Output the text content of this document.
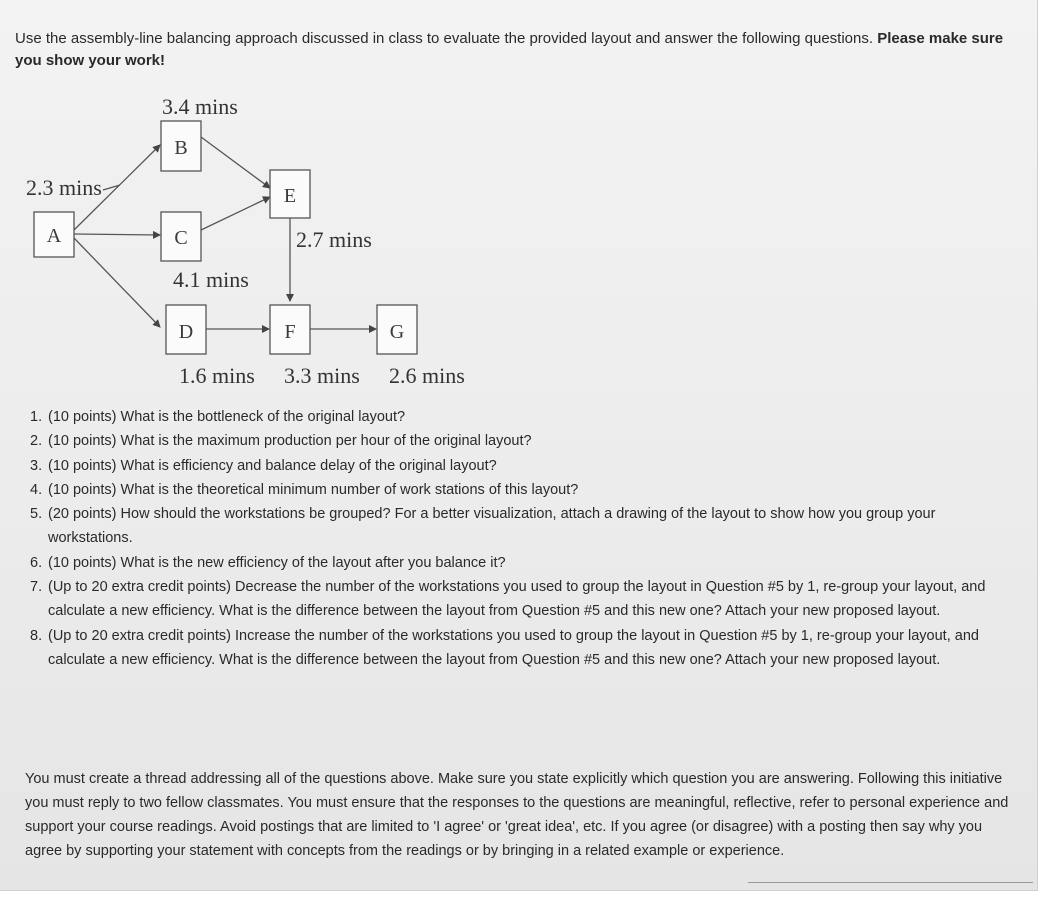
Use the assembly-line balancing approach discussed in class to evaluate the provided layout and answer the following questions. Please make sure you show your work!
A
B
C
D
E
F	G
3.4 mins
2.3 mins
2.7 mins
4.1 mins
1.6 mins 3.3 mins 2.6 mins
1. (10 points) What is the bottleneck of the original layout?
2. (10 points) What is the maximum production per hour of the original layout?
3. (10 points) What is efficiency and balance delay of the original layout?
4. (10 points) What is the theoretical minimum number of work stations of this layout?
5. (20 points) How should the workstations be grouped? For a better visualization, attach a drawing of the layout to show how you group your workstations.
6. (10 points) What is the new efficiency of the layout after you balance it?
7. (Up to 20 extra credit points) Decrease the number of the workstations you used to group the layout in Question #5 by 1, re-group your layout, and calculate a new efficiency. What is the difference between the layout from Question #5 and this new one? Attach your new proposed layout.
8. (Up to 20 extra credit points) Increase the number of the workstations you used to group the layout in Question #5 by 1, re-group your layout, and calculate a new efficiency. What is the difference between the layout from Question #5 and this new one? Attach your new proposed layout.
You must create a thread addressing all of the questions above. Make sure you state explicitly which question you are answering. Following this initiative you must reply to two fellow classmates. You must ensure that the responses to the questions are meaningful, reflective, refer to personal experience and support your course readings. Avoid postings that are limited to 'I agree' or 'great idea', etc. If you agree (or disagree) with a posting then say why you agree by supporting your statement with concepts from the readings or by bringing in a related example or experience.
